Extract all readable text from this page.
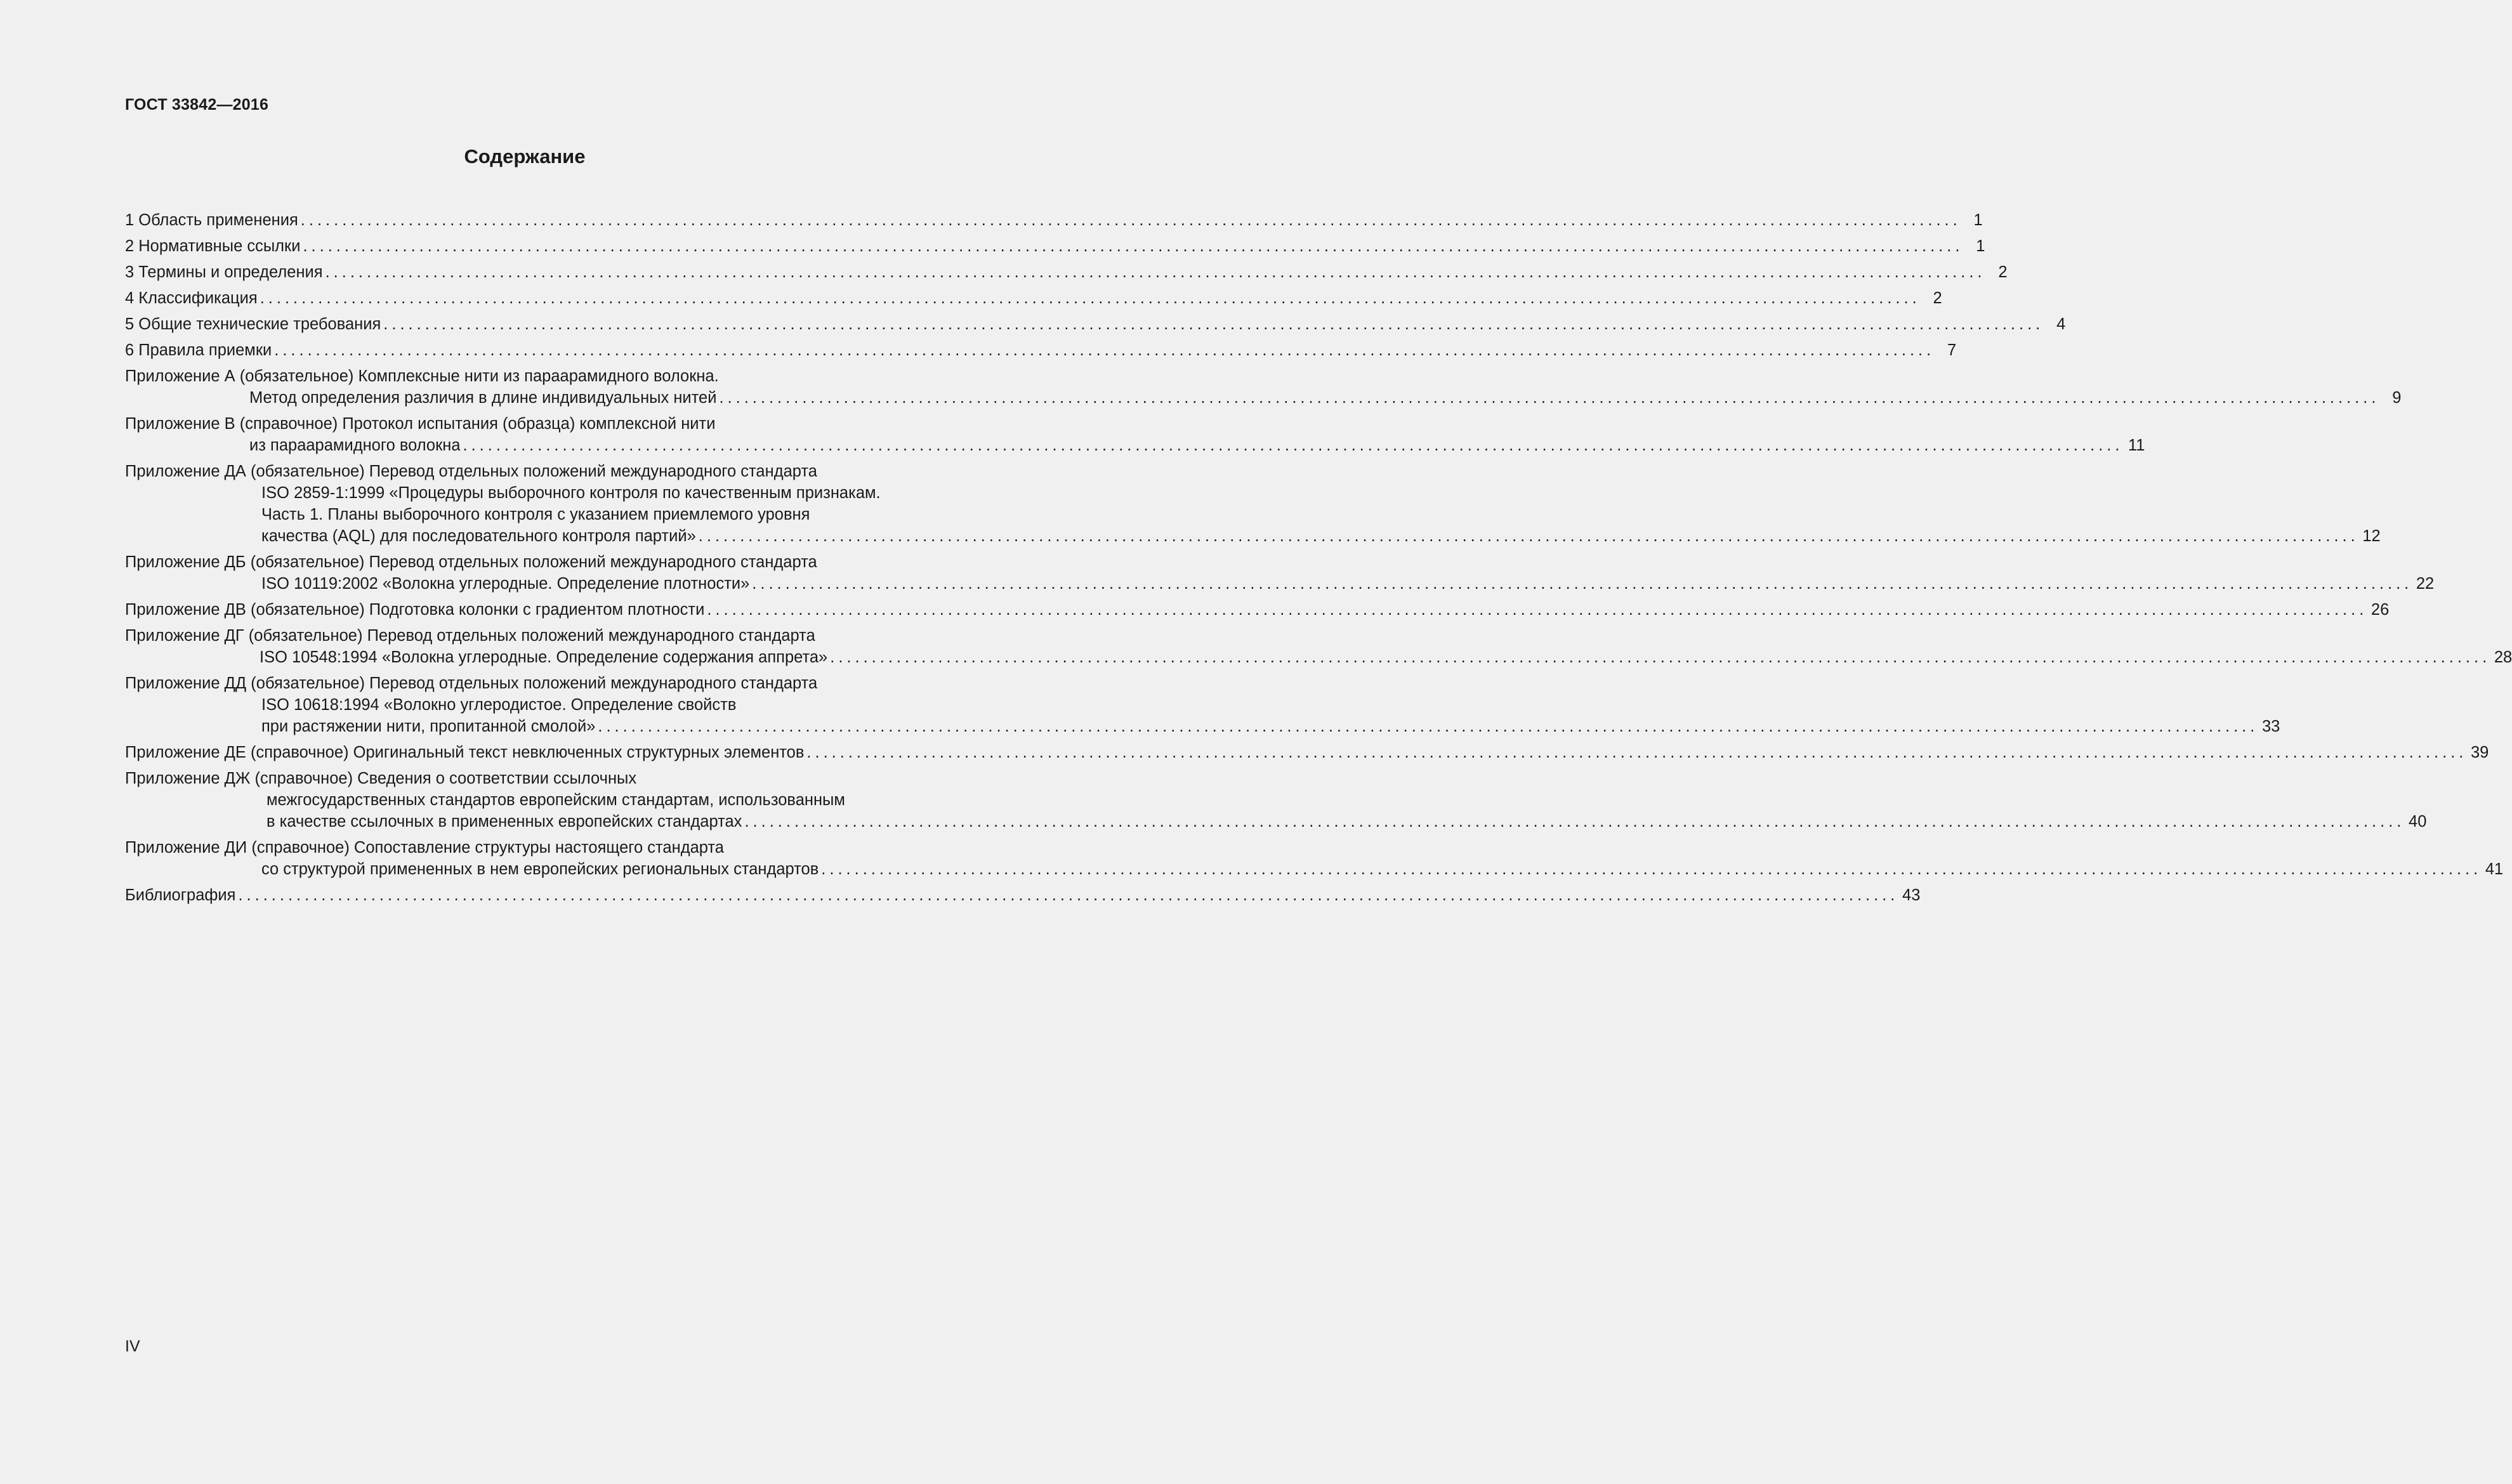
ГОСТ 33842—2016
Содержание
1 Область применения ........................................................................................................................................................................................................ 1
2 Нормативные ссылки ........................................................................................................................................................................................................ 1
3 Термины и определения ........................................................................................................................................................................................................ 2
4 Классификация ........................................................................................................................................................................................................ 2
5 Общие технические требования ........................................................................................................................................................................................................ 4
6 Правила приемки ........................................................................................................................................................................................................ 7
Приложение А (обязательное) Комплексные нити из параарамидного волокна.
Метод определения различия в длине индивидуальных нитей ........................................................................................................................................................................................................ 9
Приложение В (справочное) Протокол испытания (образца) комплексной нити
из параарамидного волокна ........................................................................................................................................................................................................ 11
Приложение ДА (обязательное) Перевод отдельных положений международного стандарта
ISO 2859-1:1999 «Процедуры выборочного контроля по качественным признакам.
Часть 1. Планы выборочного контроля с указанием приемлемого уровня
качества (AQL) для последовательного контроля партий» ........................................................................................................................................................................................................ 12
Приложение ДБ (обязательное) Перевод отдельных положений международного стандарта
ISO 10119:2002 «Волокна углеродные. Определение плотности» ........................................................................................................................................................................................................ 22
Приложение ДВ (обязательное) Подготовка колонки с градиентом плотности ........................................................................................................................................................................................................ 26
Приложение ДГ (обязательное) Перевод отдельных положений международного стандарта
ISO 10548:1994 «Волокна углеродные. Определение содержания аппрета» ........................................................................................................................................................................................................ 28
Приложение ДД (обязательное) Перевод отдельных положений международного стандарта
ISO 10618:1994 «Волокно углеродистое. Определение свойств
при растяжении нити, пропитанной смолой» ........................................................................................................................................................................................................ 33
Приложение ДЕ (справочное) Оригинальный текст невключенных структурных элементов ........................................................................................................................................................................................................ 39
Приложение ДЖ (справочное) Сведения о соответствии ссылочных
межгосударственных стандартов европейским стандартам, использованным
в качестве ссылочных в примененных европейских стандартах ........................................................................................................................................................................................................ 40
Приложение ДИ (справочное) Сопоставление структуры настоящего стандарта
со структурой примененных в нем европейских региональных стандартов ........................................................................................................................................................................................................ 41
Библиография ........................................................................................................................................................................................................ 43
IV
